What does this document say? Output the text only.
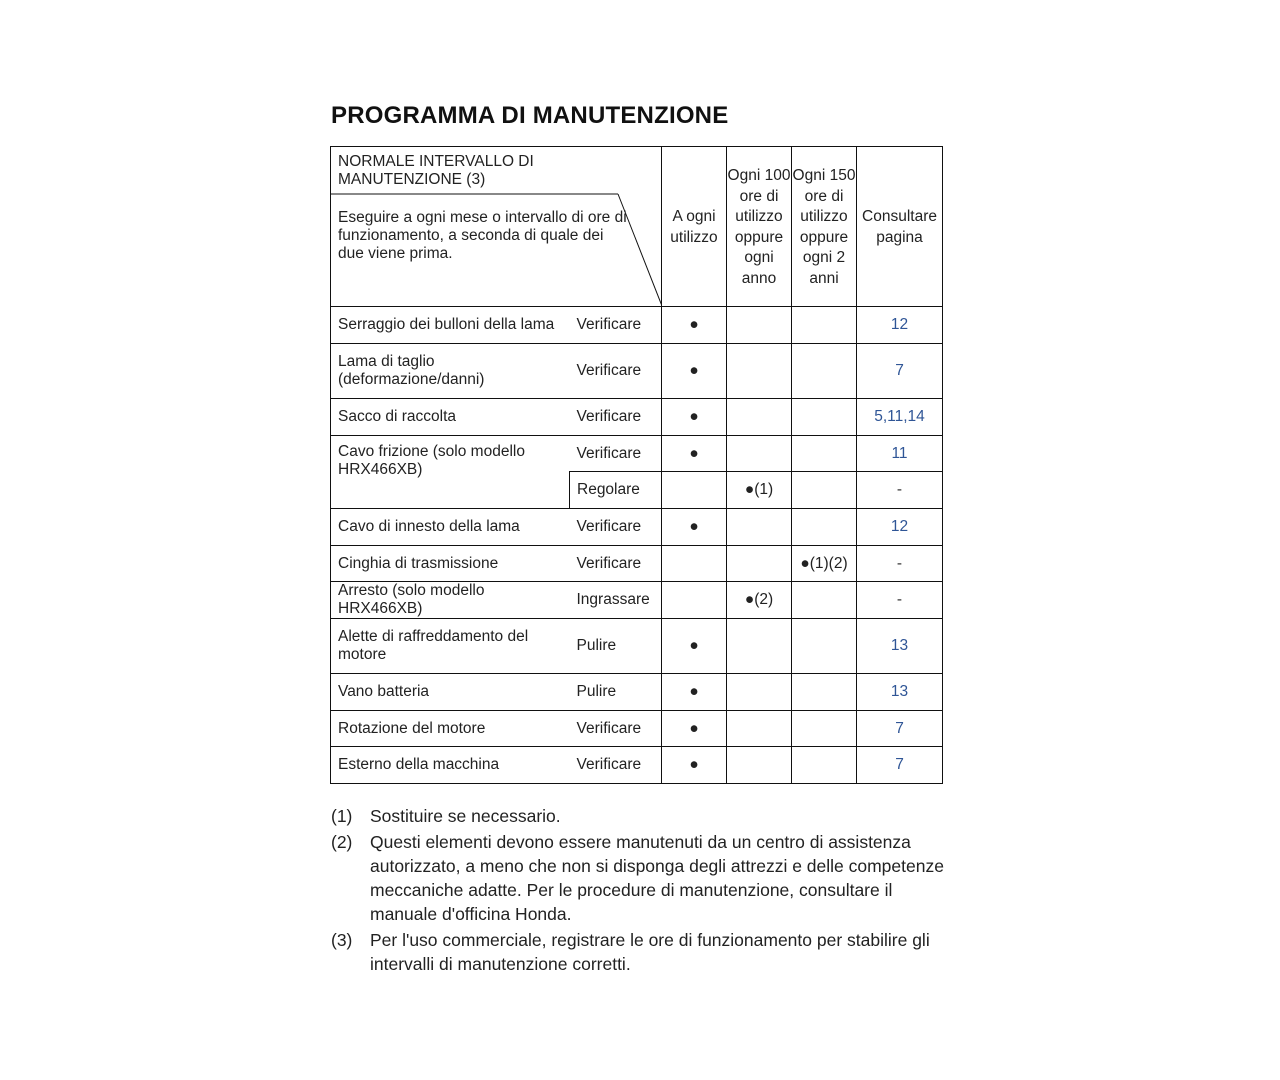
PROGRAMMA DI MANUTENZIONE
NORMALE INTERVALLO DI MANUTENZIONE (3)
Eseguire a ogni mese o intervallo di ore di funzionamento, a seconda di quale dei due viene prima.		A ogni utilizzo	Ogni 100 ore di utilizzo oppure ogni anno	Ogni 150 ore di utilizzo oppure ogni 2 anni	Consultare pagina

Serraggio dei bulloni della lama	Verificare	●			12
Lama di taglio (deformazione/danni)	Verificare	●			7
Sacco di raccolta	Verificare	●			5,11,14
Cavo frizione (solo modello HRX466XB)	Verificare	●			11
	Regolare		●(1)		-
Cavo di innesto della lama	Verificare	●			12
Cinghia di trasmissione	Verificare			●(1)(2)	-
Arresto (solo modello HRX466XB)	Ingrassare		●(2)		-
Alette di raffreddamento del motore	Pulire	●			13
Vano batteria	Pulire	●			13
Rotazione del motore	Verificare	●			7
Esterno della macchina	Verificare	●			7
(1)	Sostituire se necessario.
(2)	Questi elementi devono essere manutenuti da un centro di assistenza autorizzato, a meno che non si disponga degli attrezzi e delle competenze meccaniche adatte. Per le procedure di manutenzione, consultare il manuale d'officina Honda.
(3)	Per l'uso commerciale, registrare le ore di funzionamento per stabilire gli intervalli di manutenzione corretti.
